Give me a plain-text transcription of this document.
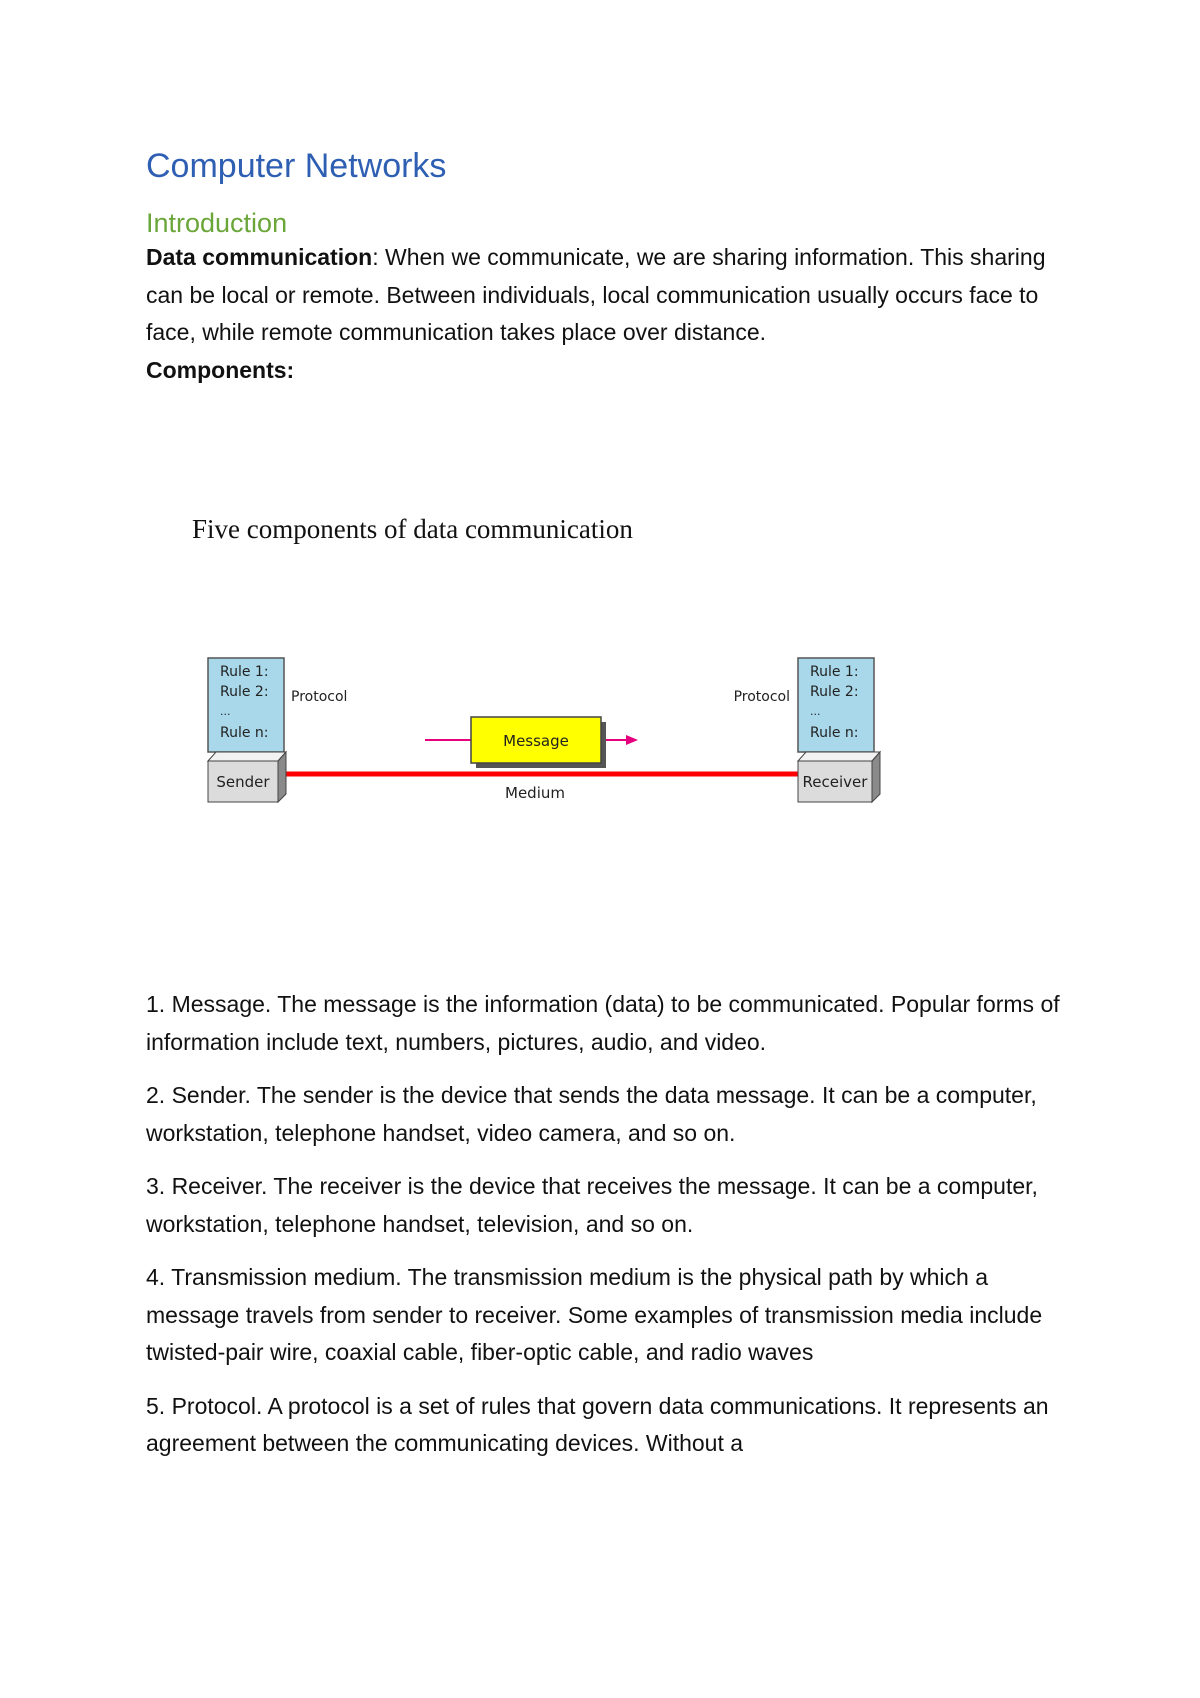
Computer Networks
Introduction

Data communication: When we communicate, we are sharing information. This sharing can be local or remote. Between individuals, local communication usually occurs face to face, while remote communication takes place over distance.

Components:

Five components of data communication
Rule 1:
Rule 2:
...
Rule n:
Protocol
Rule 1:
Rule 2:
...
Rule n:
Protocol
Message
Medium
Sender	Receiver

1. Message. The message is the information (data) to be communicated. Popular forms of information include text, numbers, pictures, audio, and video.

2. Sender. The sender is the device that sends the data message. It can be a computer, workstation, telephone handset, video camera, and so on.

3. Receiver. The receiver is the device that receives the message. It can be a computer, workstation, telephone handset, television, and so on.

4. Transmission medium. The transmission medium is the physical path by which a message travels from sender to receiver. Some examples of transmission media include twisted-pair wire, coaxial cable, fiber-optic cable, and radio waves

5. Protocol. A protocol is a set of rules that govern data communications. It represents an agreement between the communicating devices. Without a
